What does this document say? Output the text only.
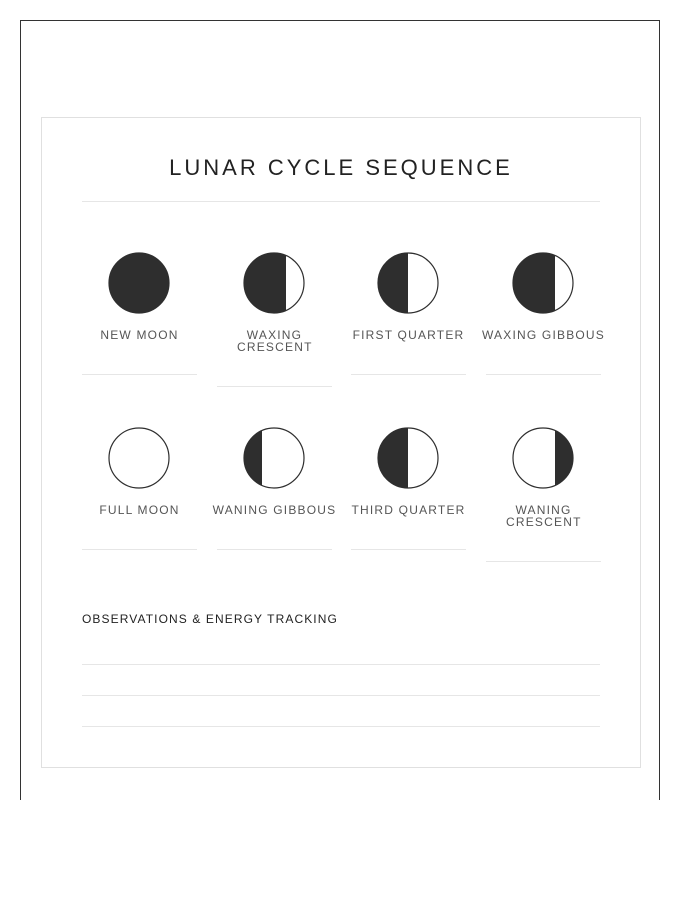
LUNAR CYCLE SEQUENCE
NEW MOON	WAXING CRESCENT
FIRST QUARTER	WAXING GIBBOUS
FULL MOON	WANING GIBBOUS	THIRD QUARTER	WANING CRESCENT
OBSERVATIONS & ENERGY TRACKING
